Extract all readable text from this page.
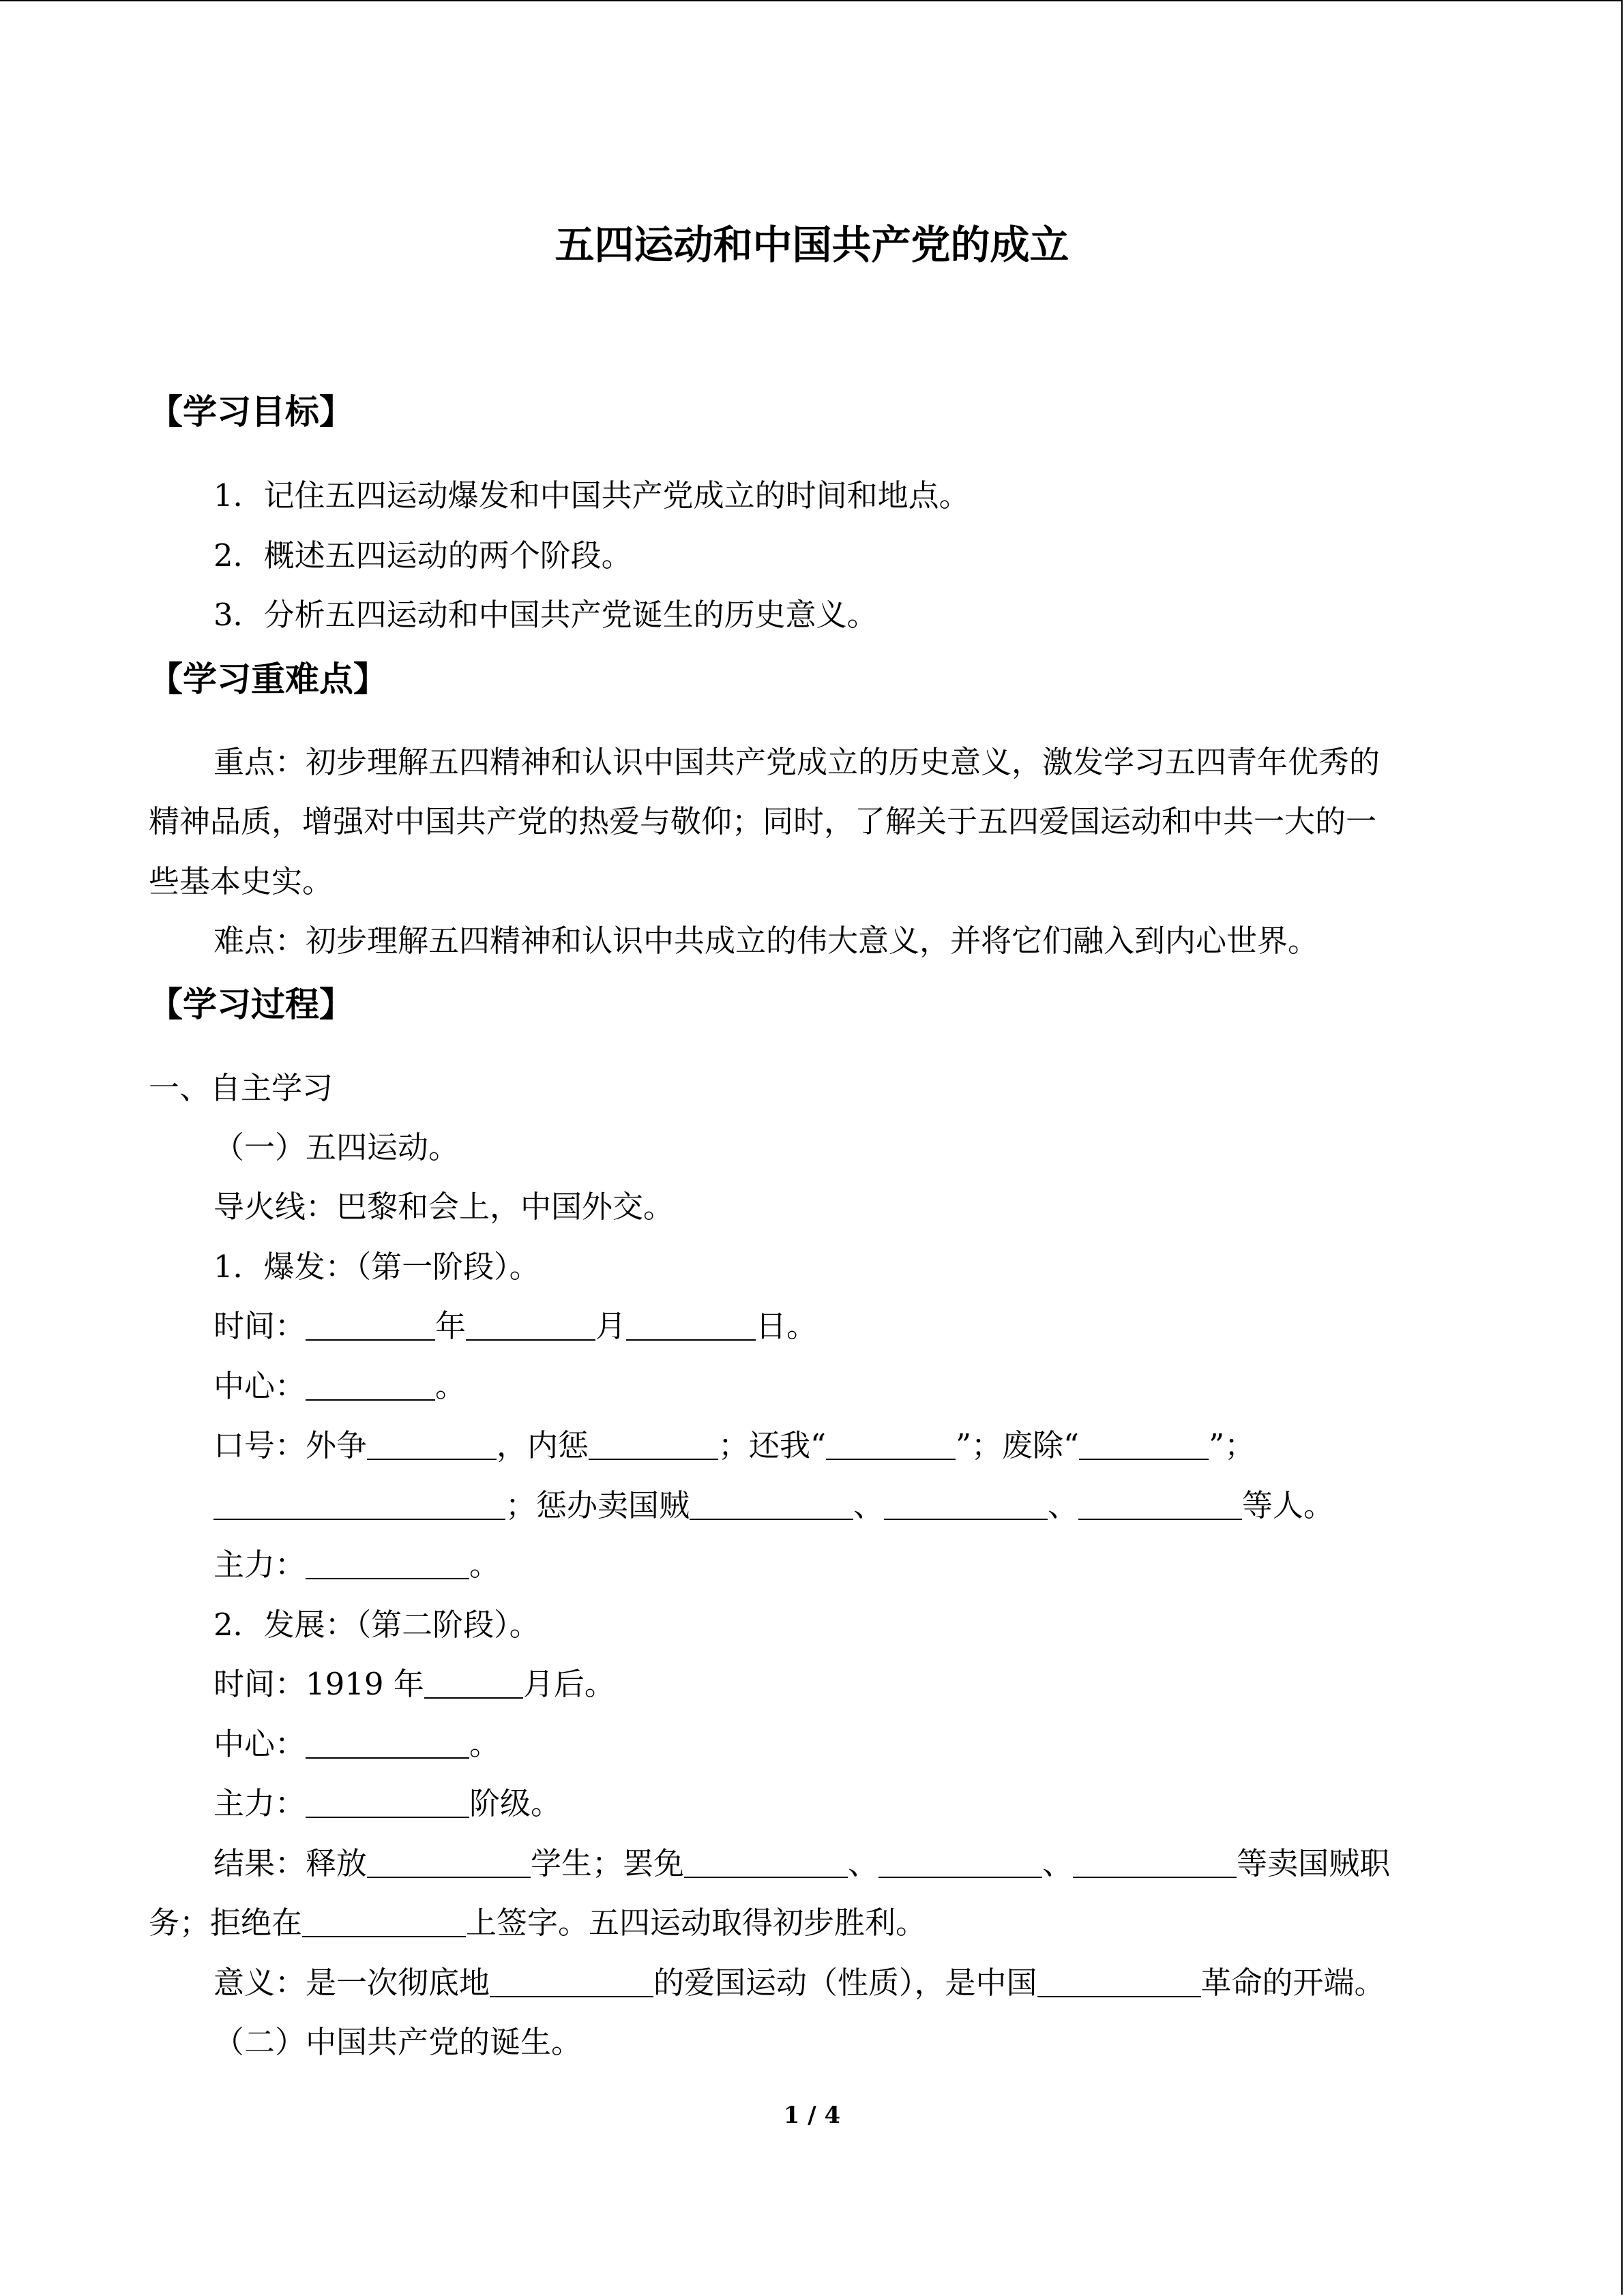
五四运动和中国共产党的成立
【学习目标】
1．记住五四运动爆发和中国共产党成立的时间和地点。
2．概述五四运动的两个阶段。
3．分析五四运动和中国共产党诞生的历史意义。
【学习重难点】
重点：初步理解五四精神和认识中国共产党成立的历史意义，激发学习五四青年优秀的
精神品质，增强对中国共产党的热爱与敬仰；同时，了解关于五四爱国运动和中共一大的一
些基本史实。
难点：初步理解五四精神和认识中共成立的伟大意义，并将它们融入到内心世界。
【学习过程】
一、自主学习
（一）五四运动。
导火线：巴黎和会上，中国外交。
1．爆发：（第一阶段）。
时间：	年	月	日。
中心：	。
口号：外争	，内惩	；还我“	”；废除“	”；
；惩办卖国贼	、	、	等人。
主力：	。
2．发展：（第二阶段）。
时间：1919 年	月后。
中心：	。
主力：	阶级。
结果：释放	学生；罢免	、	、	等卖国贼职
务；拒绝在	上签字。五四运动取得初步胜利。
意义：是一次彻底地	的爱国运动（性质），是中国	革命的开端。
（二）中国共产党的诞生。
1 / 4
